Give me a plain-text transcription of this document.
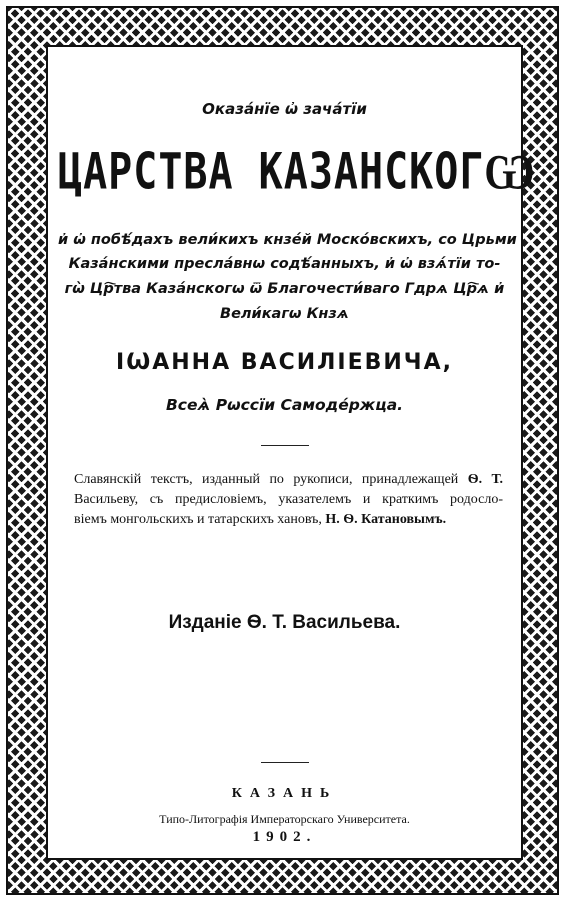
Оказа́нїе ѡ҆ зача́тїи
ЦАРСТВА КАЗАНСКОГѠ
и҆ ѡ҆ побѣ́дахъ вели́кихъ кнзе́й Моско́вскихъ, со Црьми
Каза́нскими пресла́внѡ содѣ́анныхъ, и҆ ѡ҆ взѧ́тїи то-
гѡ̀ Цр҇тва Каза́нскогѡ ѿ Благочести́ваго Гдрѧ Цр҇ѧ и҆
Вели́кагѡ Кнзѧ
ІѠАННА ВАСИЛІЕВИЧА,
Всеѧ̀ Рѡссїи Самоде́ржца.
Славянскій текстъ, изданный по рукописи, принадлежащей Ѳ. Т.
Васильеву, съ предисловіемъ, указателемъ и краткимъ родосло-
віемъ монгольскихъ и татарскихъ хановъ, Н. Ѳ. Катановымъ.
Изданіе Ѳ. Т. Васильева.
КАЗАНЬ
Типо-Литографія Императорскаго Университета.
1902.
